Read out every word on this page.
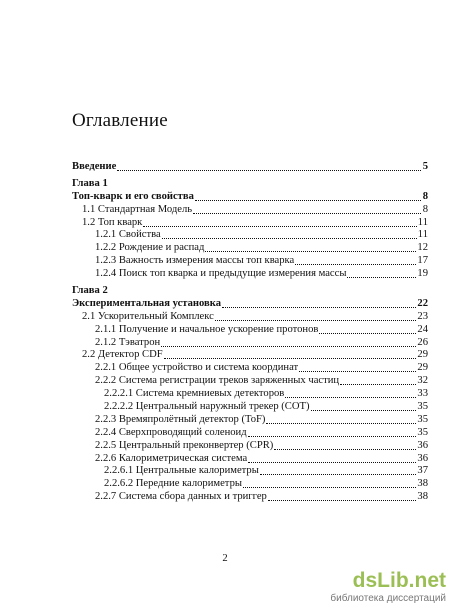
Оглавление
Введение	5
Глава 1
Топ-кварк и его свойства	8
1.1 Стандартная Модель	8
1.2 Топ кварк	11
1.2.1 Свойства	11
1.2.2 Рождение и распад	12
1.2.3 Важность измерения массы топ кварка	17
1.2.4 Поиск топ кварка и предыдущие измерения массы	19
Глава 2
Экспериментальная установка	22
2.1 Ускорительный Комплекс	23
2.1.1 Получение и начальное ускорение протонов	24
2.1.2 Тэватрон	26
2.2 Детектор CDF	29
2.2.1 Общее устройство и система координат	29
2.2.2 Система регистрации треков заряженных частиц	32
2.2.2.1 Система кремниевых детекторов	33
2.2.2.2 Центральный наружный трекер (COT)	35
2.2.3 Времяпролётный детектор (ToF)	35
2.2.4 Сверхпроводящий соленоид	35
2.2.5 Центральный преконвертер (CPR)	36
2.2.6 Калориметрическая система	36
2.2.6.1 Центральные калориметры	37
2.2.6.2 Передние калориметры	38
2.2.7 Система сбора данных и триггер	38
2
dsLib.net
библиотека диссертаций
